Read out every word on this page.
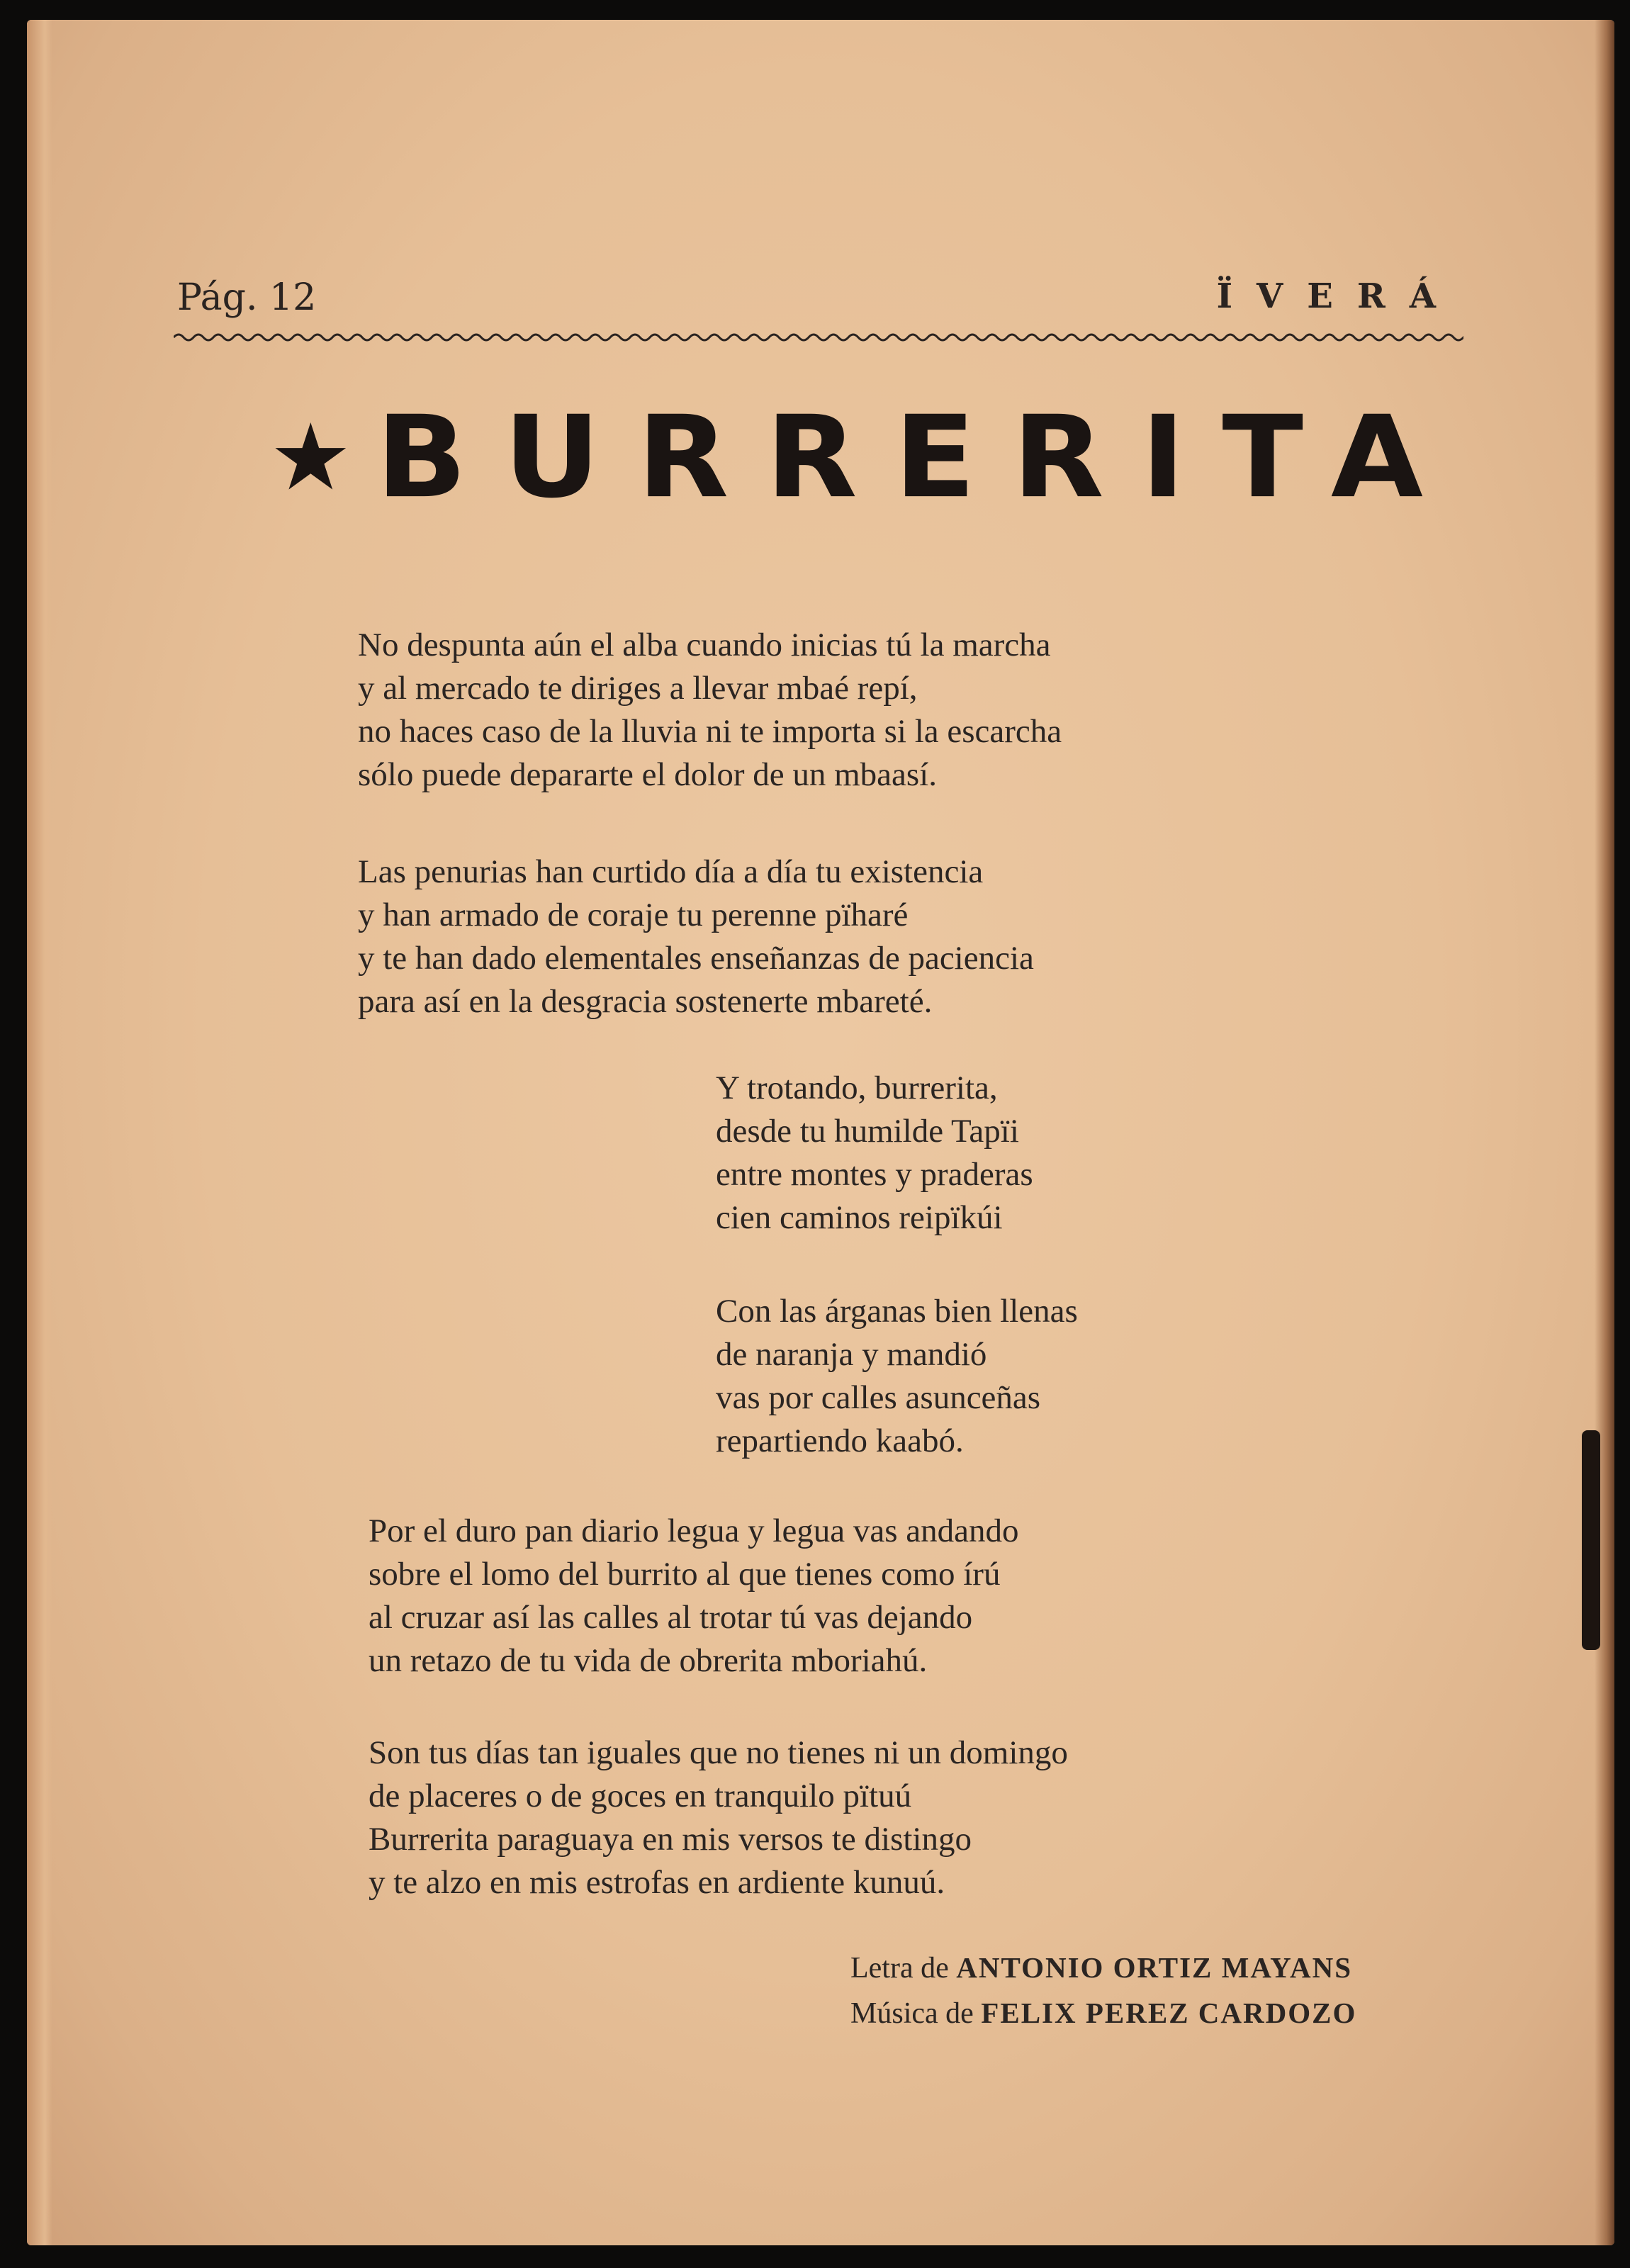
Pág. 12	ÏVERÁ
★ BURRERITA
No despunta aún el alba cuando inicias tú la marcha
y al mercado te diriges a llevar mbaé repí,
no haces caso de la lluvia ni te importa si la escarcha
sólo puede depararte el dolor de un mbaasí.
Las penurias han curtido día a día tu existencia
y han armado de coraje tu perenne pïharé
y te han dado elementales enseñanzas de paciencia
para así en la desgracia sostenerte mbareté.
Y trotando, burrerita,
desde tu humilde Tapïi
entre montes y praderas
cien caminos reipïkúi
Con las árganas bien llenas
de naranja y mandió
vas por calles asunceñas
repartiendo kaabó.
Por el duro pan diario legua y legua vas andando
sobre el lomo del burrito al que tienes como írú
al cruzar así las calles al trotar tú vas dejando
un retazo de tu vida de obrerita mboriahú.
Son tus días tan iguales que no tienes ni un domingo
de placeres o de goces en tranquilo pïtuú
Burrerita paraguaya en mis versos te distingo
y te alzo en mis estrofas en ardiente kunuú.
Letra de ANTONIO ORTIZ MAYANS
Música de FELIX PEREZ CARDOZO
